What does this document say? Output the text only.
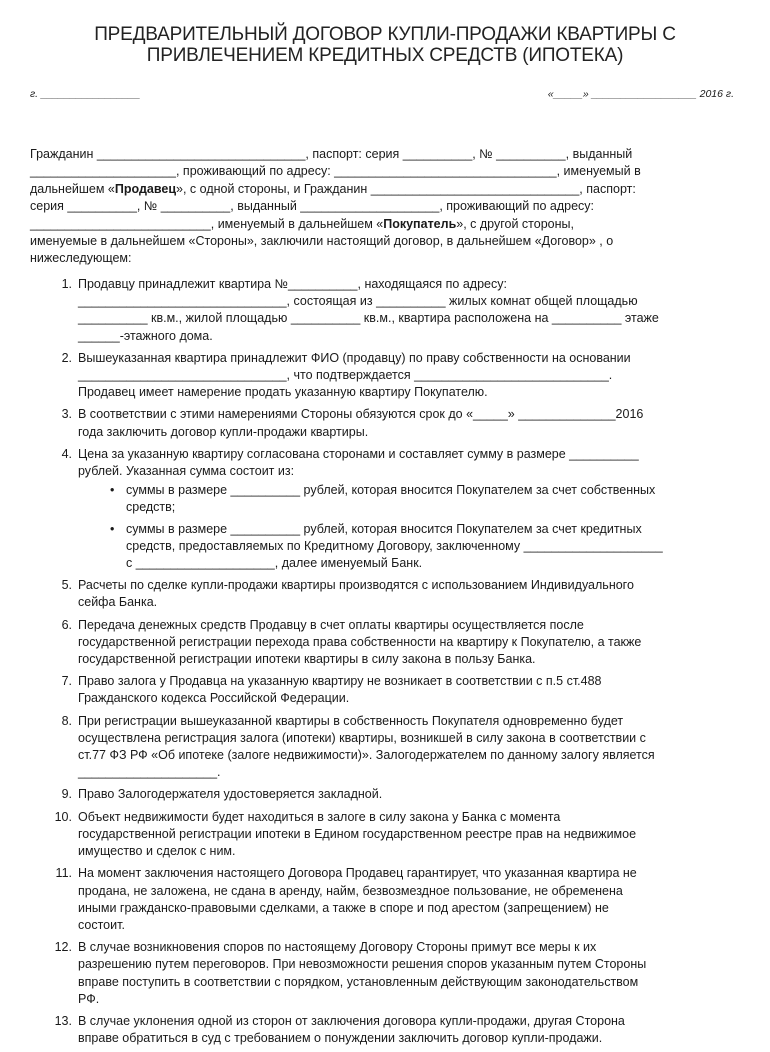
ПРЕДВАРИТЕЛЬНЫЙ ДОГОВОР КУПЛИ-ПРОДАЖИ КВАРТИРЫ С
ПРИВЛЕЧЕНИЕМ КРЕДИТНЫХ СРЕДСТВ (ИПОТЕКА)
г. _________________	«_____» __________________ 2016 г.
Гражданин ______________________________, паспорт: серия __________, № __________, выданный
_____________________, проживающий по адресу: ________________________________, именуемый в
дальнейшем «Продавец», с одной стороны, и Гражданин ______________________________, паспорт:
серия __________, № __________, выданный ____________________, проживающий по адресу:
__________________________, именуемый в дальнейшем «Покупатель», с другой стороны,
именуемые в дальнейшем «Стороны», заключили настоящий договор, в дальнейшем «Договор» , о
нижеследующем:
1. Продавцу принадлежит квартира №__________, находящаяся по адресу:
______________________________, состоящая из __________ жилых комнат общей площадью
__________ кв.м., жилой площадью __________ кв.м., квартира расположена на __________ этаже
______-этажного дома.
2. Вышеуказанная квартира принадлежит ФИО (продавцу) по праву собственности на основании
______________________________, что подтверждается ____________________________.
Продавец имеет намерение продать указанную квартиру Покупателю.
3. В соответствии с этими намерениями Стороны обязуются срок до «_____» ______________2016
года заключить договор купли-продажи квартиры.
4. Цена за указанную квартиру согласована сторонами и составляет сумму в размере __________
рублей. Указанная сумма состоит из:
• суммы в размере __________ рублей, которая вносится Покупателем за счет собственных
средств;
• суммы в размере __________ рублей, которая вносится Покупателем за счет кредитных
средств, предоставляемых по Кредитному Договору, заключенному ____________________
с ____________________, далее именуемый Банк.
5. Расчеты по сделке купли-продажи квартиры производятся с использованием Индивидуального
сейфа Банка.
6. Передача денежных средств Продавцу в счет оплаты квартиры осуществляется после
государственной регистрации перехода права собственности на квартиру к Покупателю, а также
государственной регистрации ипотеки квартиры в силу закона в пользу Банка.
7. Право залога у Продавца на указанную квартиру не возникает в соответствии с п.5 ст.488
Гражданского кодекса Российской Федерации.
8. При регистрации вышеуказанной квартиры в собственность Покупателя одновременно будет
осуществлена регистрация залога (ипотеки) квартиры, возникшей в силу закона в соответствии с
ст.77 ФЗ РФ «Об ипотеке (залоге недвижимости)». Залогодержателем по данному залогу является
____________________.
9. Право Залогодержателя удостоверяется закладной.
10. Объект недвижимости будет находиться в залоге в силу закона у Банка с момента
государственной регистрации ипотеки в Едином государственном реестре прав на недвижимое
имущество и сделок с ним.
11. На момент заключения настоящего Договора Продавец гарантирует, что указанная квартира не
продана, не заложена, не сдана в аренду, найм, безвозмездное пользование, не обременена
иными гражданско-правовыми сделками, а также в споре и под арестом (запрещением) не
состоит.
12. В случае возникновения споров по настоящему Договору Стороны примут все меры к их
разрешению путем переговоров. При невозможности решения споров указанным путем Стороны
вправе поступить в соответствии с порядком, установленным действующим законодательством
РФ.
13. В случае уклонения одной из сторон от заключения договора купли-продажи, другая Сторона
вправе обратиться в суд с требованием о понуждении заключить договор купли-продажи.
